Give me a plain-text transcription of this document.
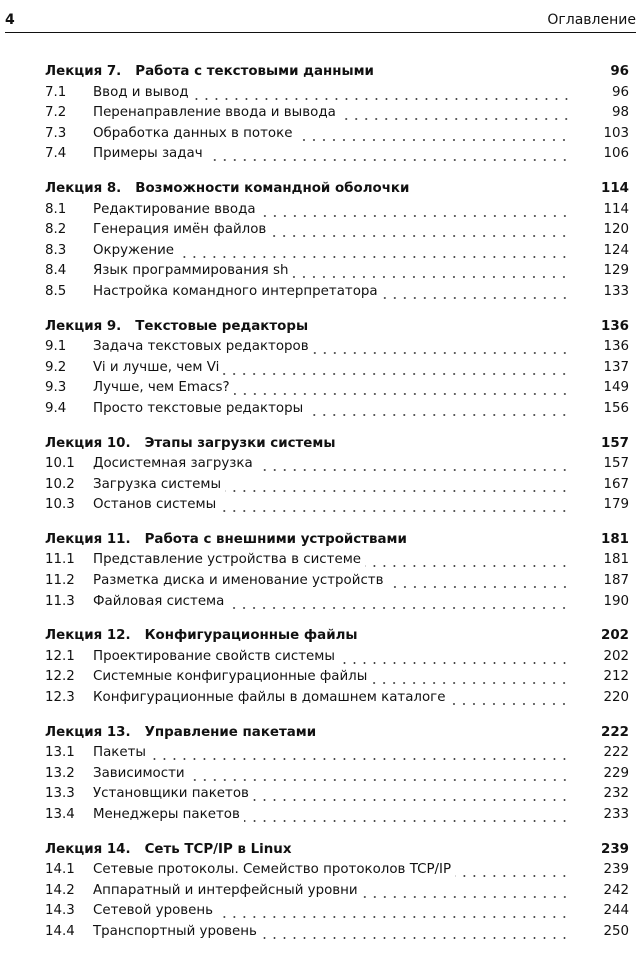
4	Оглавление
Лекция 7. Работа с текстовыми данными	96
7.1	Ввод и вывод	96
7.2	Перенаправление ввода и вывода	98
7.3	Обработка данных в потоке	103
7.4	Примеры задач	106
Лекция 8. Возможности командной оболочки	114
8.1	Редактирование ввода	114
8.2	Генерация имён файлов	120
8.3	Окружение	124
8.4	Язык программирования sh	129
8.5	Настройка командного интерпретатора	133
Лекция 9. Текстовые редакторы	136
9.1	Задача текстовых редакторов	136
9.2	Vi и лучше, чем Vi	137
9.3	Лучше, чем Emacs?	149
9.4	Просто текстовые редакторы	156
Лекция 10. Этапы загрузки системы	157
10.1	Досистемная загрузка	157
10.2	Загрузка системы	167
10.3	Останов системы	179
Лекция 11. Работа с внешними устройствами	181
11.1	Представление устройства в системе	181
11.2	Разметка диска и именование устройств	187
11.3	Файловая система	190
Лекция 12. Конфигурационные файлы	202
12.1	Проектирование свойств системы	202
12.2	Системные конфигурационные файлы	212
12.3	Конфигурационные файлы в домашнем каталоге	220
Лекция 13. Управление пакетами	222
13.1	Пакеты	222
13.2	Зависимости	229
13.3	Установщики пакетов	232
13.4	Менеджеры пакетов	233
Лекция 14. Сеть TCP/IP в Linux	239
14.1	Сетевые протоколы. Семейство протоколов TCP/IP	239
14.2	Аппаратный и интерфейсный уровни	242
14.3	Сетевой уровень	244
14.4	Транспортный уровень	250
